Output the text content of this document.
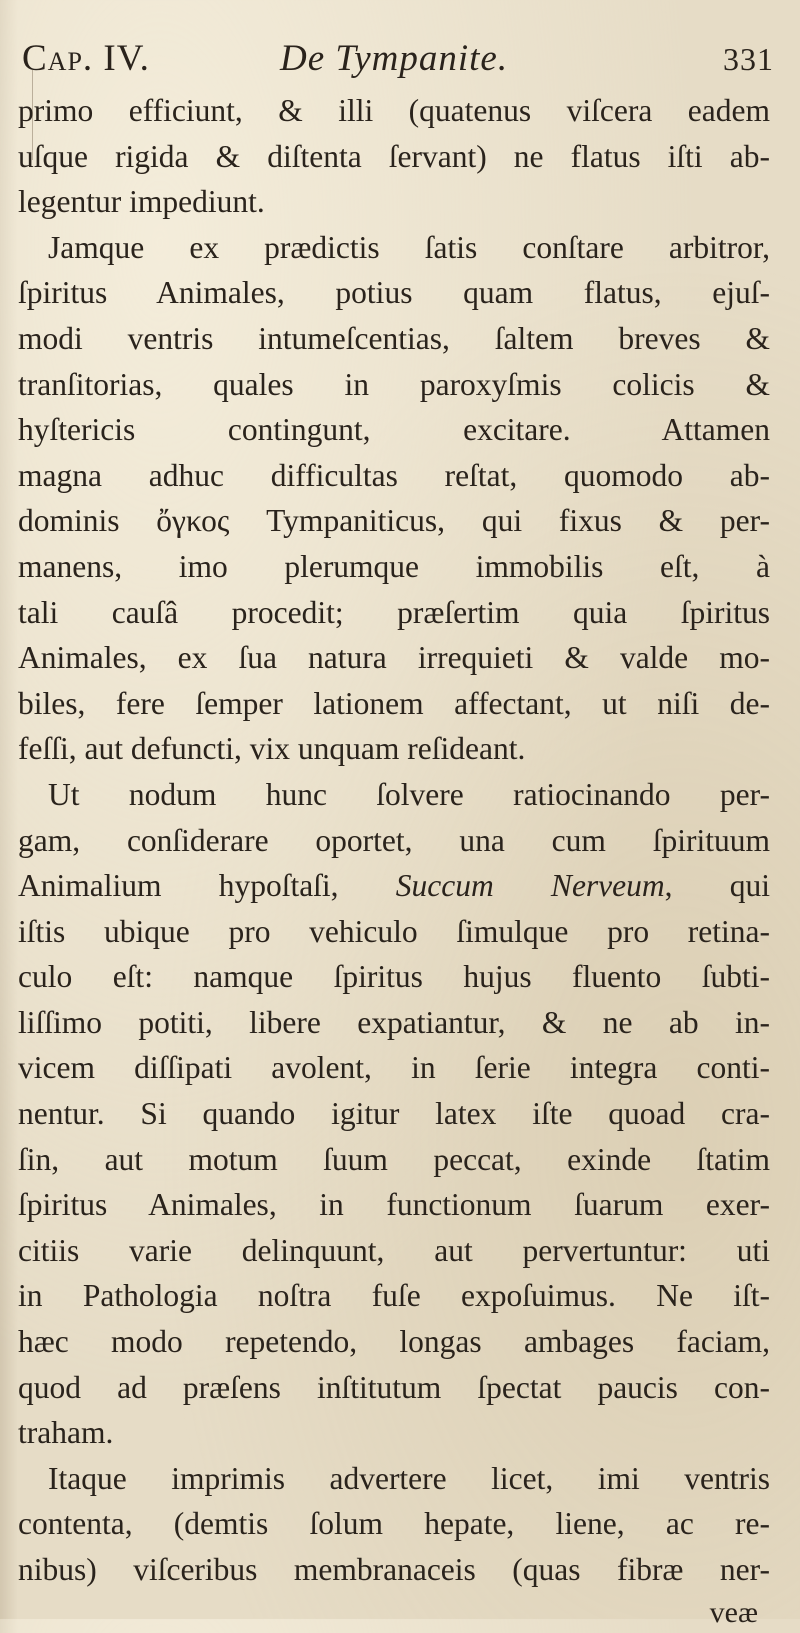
Cap. IV.	De Tympanite.	331
primo efficiunt, & illi (quatenus viſcera eadem
uſque rigida & diſtenta ſervant) ne flatus iſti ab-
legentur impediunt.
Jamque ex prædictis ſatis conſtare arbitror,
ſpiritus Animales, potius quam flatus, ejuſ-
modi ventris intumeſcentias, ſaltem breves &
tranſitorias, quales in paroxyſmis colicis &
hyſtericis contingunt, excitare. Attamen
magna adhuc difficultas reſtat, quomodo ab-
dominis ὄγκος Tympaniticus, qui fixus & per-
manens, imo plerumque immobilis eſt, à
tali cauſâ procedit; præſertim quia ſpiritus
Animales, ex ſua natura irrequieti & valde mo-
biles, fere ſemper lationem affectant, ut niſi de-
feſſi, aut defuncti, vix unquam reſideant.
Ut nodum hunc ſolvere ratiocinando per-
gam, conſiderare oportet, una cum ſpirituum
Animalium hypoſtaſi, Succum Nerveum, qui
iſtis ubique pro vehiculo ſimulque pro retina-
culo eſt: namque ſpiritus hujus fluento ſubti-
liſſimo potiti, libere expatiantur, & ne ab in-
vicem diſſipati avolent, in ſerie integra conti-
nentur. Si quando igitur latex iſte quoad cra-
ſin, aut motum ſuum peccat, exinde ſtatim
ſpiritus Animales, in functionum ſuarum exer-
citiis varie delinquunt, aut pervertuntur: uti
in Pathologia noſtra fuſe expoſuimus. Ne iſt-
hæc modo repetendo, longas ambages faciam,
quod ad præſens inſtitutum ſpectat paucis con-
traham.
Itaque imprimis advertere licet, imi ventris
contenta, (demtis ſolum hepate, liene, ac re-
nibus) viſceribus membranaceis (quas fibræ ner-
veæ
